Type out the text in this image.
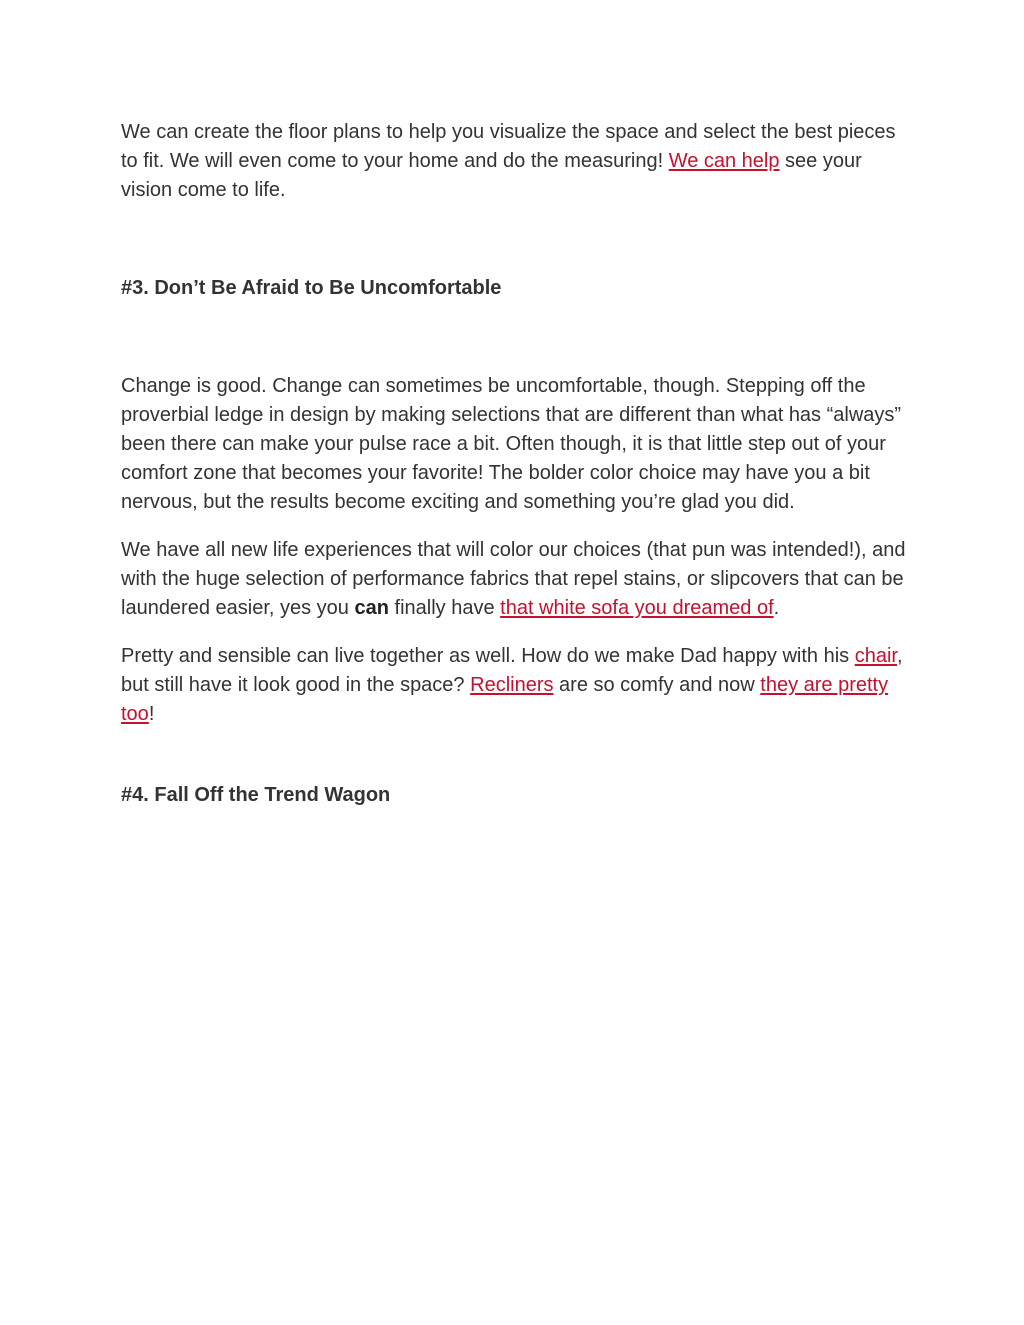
We can create the floor plans to help you visualize the space and select the best pieces to fit. We will even come to your home and do the measuring! We can help see your vision come to life.

#3. Don’t Be Afraid to Be Uncomfortable

Change is good. Change can sometimes be uncomfortable, though. Stepping off the proverbial ledge in design by making selections that are different than what has “always” been there can make your pulse race a bit. Often though, it is that little step out of your comfort zone that becomes your favorite! The bolder color choice may have you a bit nervous, but the results become exciting and something you’re glad you did.

We have all new life experiences that will color our choices (that pun was intended!), and with the huge selection of performance fabrics that repel stains, or slipcovers that can be laundered easier, yes you can finally have that white sofa you dreamed of.

Pretty and sensible can live together as well. How do we make Dad happy with his chair, but still have it look good in the space? Recliners are so comfy and now they are pretty too!

#4. Fall Off the Trend Wagon
